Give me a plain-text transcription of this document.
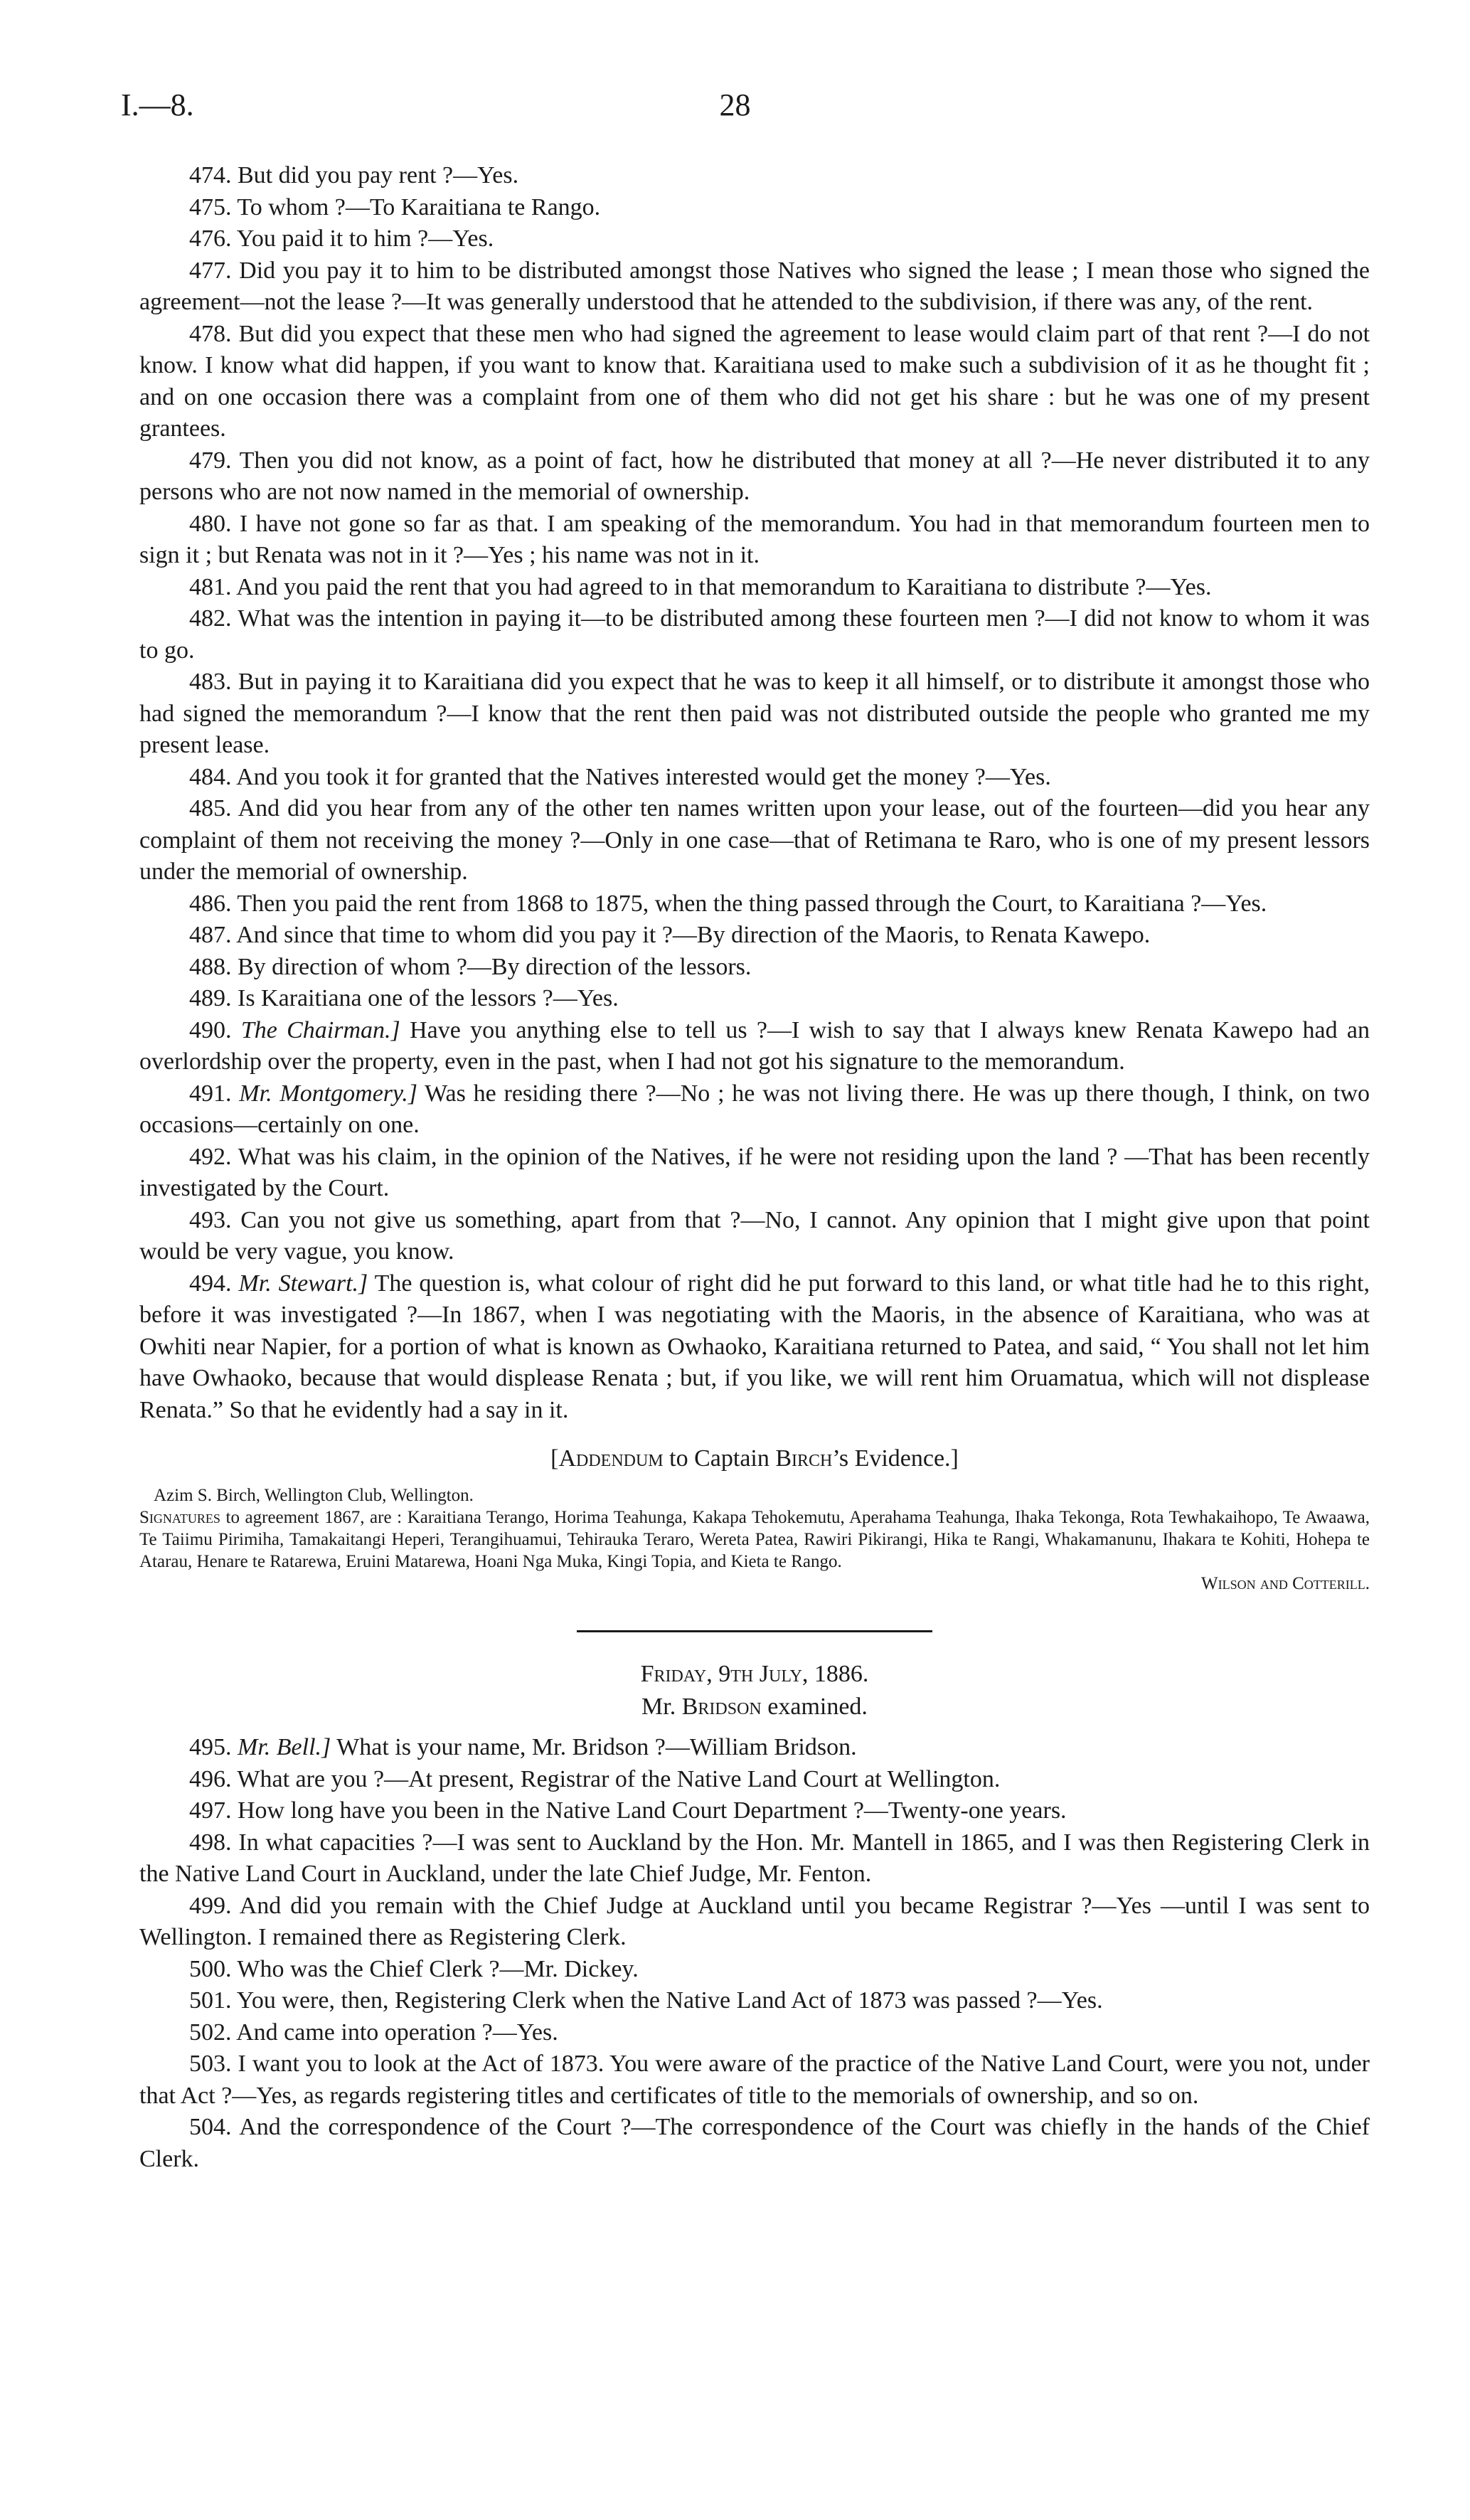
I.—8.	28

474. But did you pay rent ?—Yes.

475. To whom ?—To Karaitiana te Rango.

476. You paid it to him ?—Yes.

477. Did you pay it to him to be distributed amongst those Natives who signed the lease ; I mean those who signed the agreement—not the lease ?—It was generally understood that he attended to the subdivision, if there was any, of the rent.

478. But did you expect that these men who had signed the agreement to lease would claim part of that rent ?—I do not know. I know what did happen, if you want to know that. Karaitiana used to make such a subdivision of it as he thought fit ; and on one occasion there was a complaint from one of them who did not get his share : but he was one of my present grantees.

479. Then you did not know, as a point of fact, how he distributed that money at all ?—He never distributed it to any persons who are not now named in the memorial of ownership.

480. I have not gone so far as that. I am speaking of the memorandum. You had in that memorandum fourteen men to sign it ; but Renata was not in it ?—Yes ; his name was not in it.

481. And you paid the rent that you had agreed to in that memorandum to Karaitiana to distribute ?—Yes.

482. What was the intention in paying it—to be distributed among these fourteen men ?—I did not know to whom it was to go.

483. But in paying it to Karaitiana did you expect that he was to keep it all himself, or to distribute it amongst those who had signed the memorandum ?—I know that the rent then paid was not distributed outside the people who granted me my present lease.

484. And you took it for granted that the Natives interested would get the money ?—Yes.

485. And did you hear from any of the other ten names written upon your lease, out of the fourteen—did you hear any complaint of them not receiving the money ?—Only in one case—that of Retimana te Raro, who is one of my present lessors under the memorial of ownership.

486. Then you paid the rent from 1868 to 1875, when the thing passed through the Court, to Karaitiana ?—Yes.

487. And since that time to whom did you pay it ?—By direction of the Maoris, to Renata Kawepo.

488. By direction of whom ?—By direction of the lessors.

489. Is Karaitiana one of the lessors ?—Yes.

490. The Chairman.] Have you anything else to tell us ?—I wish to say that I always knew Renata Kawepo had an overlordship over the property, even in the past, when I had not got his signature to the memorandum.

491. Mr. Montgomery.] Was he residing there ?—No ; he was not living there. He was up there though, I think, on two occasions—certainly on one.

492. What was his claim, in the opinion of the Natives, if he were not residing upon the land ? —That has been recently investigated by the Court.

493. Can you not give us something, apart from that ?—No, I cannot. Any opinion that I might give upon that point would be very vague, you know.

494. Mr. Stewart.] The question is, what colour of right did he put forward to this land, or what title had he to this right, before it was investigated ?—In 1867, when I was negotiating with the Maoris, in the absence of Karaitiana, who was at Owhiti near Napier, for a portion of what is known as Owhaoko, Karaitiana returned to Patea, and said, “ You shall not let him have Owhaoko, because that would displease Renata ; but, if you like, we will rent him Oruamatua, which will not displease Renata.” So that he evidently had a say in it.

[Addendum to Captain Birch’s Evidence.]

Azim S. Birch, Wellington Club, Wellington.

Signatures to agreement 1867, are : Karaitiana Terango, Horima Teahunga, Kakapa Tehokemutu, Aperahama Teahunga, Ihaka Tekonga, Rota Tewhakaihopo, Te Awaawa, Te Taiimu Pirimiha, Tamakaitangi Heperi, Terangihuamui, Tehirauka Teraro, Wereta Patea, Rawiri Pikirangi, Hika te Rangi, Whakamanunu, Ihakara te Kohiti, Hohepa te Atarau, Henare te Ratarewa, Eruini Matarewa, Hoani Nga Muka, Kingi Topia, and Kieta te Rango.

Wilson and Cotterill.

Friday, 9th July, 1886.

Mr. Bridson examined.

495. Mr. Bell.] What is your name, Mr. Bridson ?—William Bridson.

496. What are you ?—At present, Registrar of the Native Land Court at Wellington.

497. How long have you been in the Native Land Court Department ?—Twenty-one years.

498. In what capacities ?—I was sent to Auckland by the Hon. Mr. Mantell in 1865, and I was then Registering Clerk in the Native Land Court in Auckland, under the late Chief Judge, Mr. Fenton.

499. And did you remain with the Chief Judge at Auckland until you became Registrar ?—Yes —until I was sent to Wellington. I remained there as Registering Clerk.

500. Who was the Chief Clerk ?—Mr. Dickey.

501. You were, then, Registering Clerk when the Native Land Act of 1873 was passed ?—Yes.

502. And came into operation ?—Yes.

503. I want you to look at the Act of 1873. You were aware of the practice of the Native Land Court, were you not, under that Act ?—Yes, as regards registering titles and certificates of title to the memorials of ownership, and so on.

504. And the correspondence of the Court ?—The correspondence of the Court was chiefly in the hands of the Chief Clerk.
